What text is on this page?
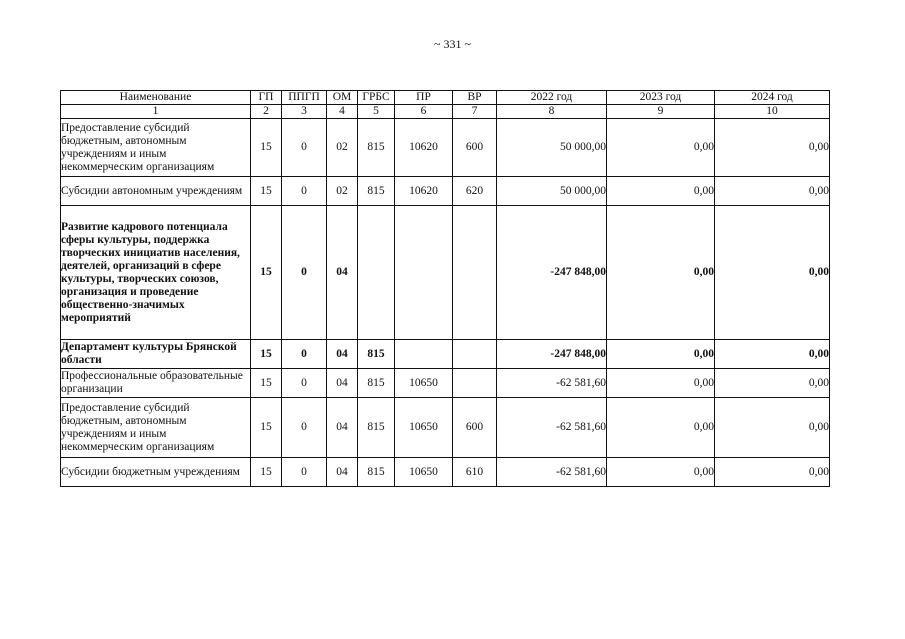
~ 331 ~
Наименование	ГП	ППГП	ОМ	ГРБС	ПР	ВР	2022 год	2023 год	2024 год
1	2	3	4	5	6	7	8	9	10
Предоставление субсидий бюджетным, автономным учреждениям и иным некоммерческим организациям	15	0	02	815	10620	600	50 000,00	0,00	0,00
Субсидии автономным учреждениям	15	0	02	815	10620	620	50 000,00	0,00	0,00
Развитие кадрового потенциала сферы культуры, поддержка творческих инициатив населения, деятелей, организаций в сфере культуры, творческих союзов, организация и проведение общественно-значимых мероприятий	15	0	04				-247 848,00	0,00	0,00
Департамент культуры Брянской области	15	0	04	815			-247 848,00	0,00	0,00
Профессиональные образовательные организации	15	0	04	815	10650		-62 581,60	0,00	0,00
Предоставление субсидий бюджетным, автономным учреждениям и иным некоммерческим организациям	15	0	04	815	10650	600	-62 581,60	0,00	0,00
Субсидии бюджетным учреждениям	15	0	04	815	10650	610	-62 581,60	0,00	0,00
